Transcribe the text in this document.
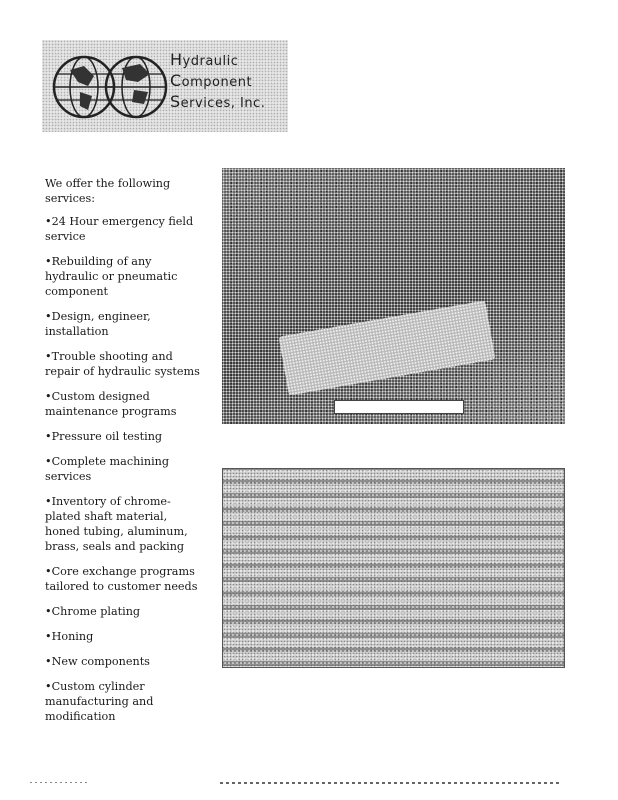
Hydraulic
Component
Services, Inc.

We offer the following services:

• 24 Hour emergency field service

• Rebuilding of any hydraulic or pneumatic component

• Design, engineer, installation

• Trouble shooting and repair of hydraulic systems

• Custom designed maintenance programs

• Pressure oil testing

• Complete machining services

• Inventory of chrome-plated shaft material, honed tubing, aluminum, brass, seals and packing

• Core exchange programs tailored to customer needs

• Chrome plating

• Honing

• New components

• Custom cylinder manufacturing and modification
